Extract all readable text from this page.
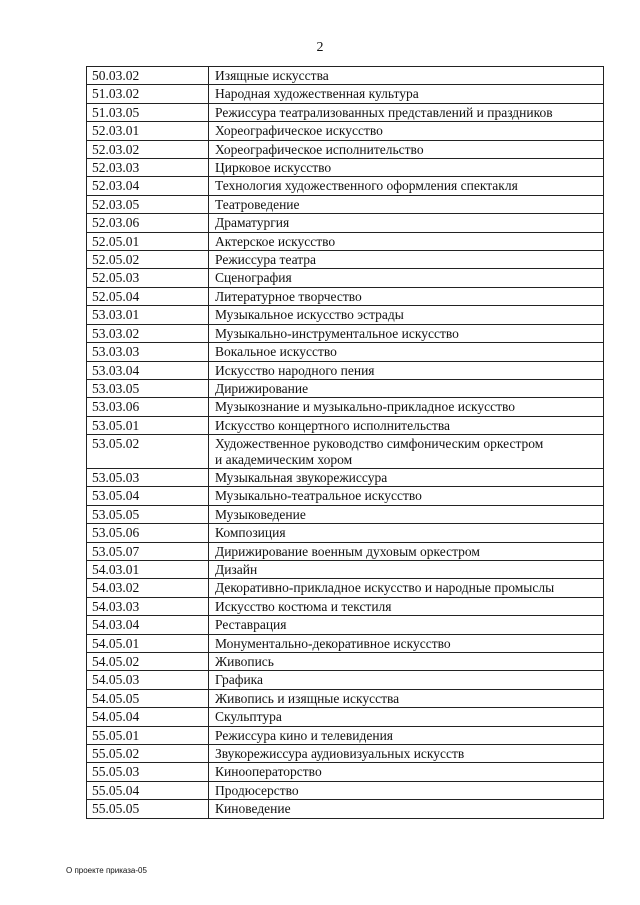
2
50.03.02	Изящные искусства
51.03.02	Народная художественная культура
51.03.05	Режиссура театрализованных представлений и праздников
52.03.01	Хореографическое искусство
52.03.02	Хореографическое исполнительство
52.03.03	Цирковое искусство
52.03.04	Технология художественного оформления спектакля
52.03.05	Театроведение
52.03.06	Драматургия
52.05.01	Актерское искусство
52.05.02	Режиссура театра
52.05.03	Сценография
52.05.04	Литературное творчество
53.03.01	Музыкальное искусство эстрады
53.03.02	Музыкально-инструментальное искусство
53.03.03	Вокальное искусство
53.03.04	Искусство народного пения
53.03.05	Дирижирование
53.03.06	Музыкознание и музыкально-прикладное искусство
53.05.01	Искусство концертного исполнительства
53.05.02	Художественное руководство симфоническим оркестром
и академическим хором
53.05.03	Музыкальная звукорежиссура
53.05.04	Музыкально-театральное искусство
53.05.05	Музыковедение
53.05.06	Композиция
53.05.07	Дирижирование военным духовым оркестром
54.03.01	Дизайн
54.03.02	Декоративно-прикладное искусство и народные промыслы
54.03.03	Искусство костюма и текстиля
54.03.04	Реставрация
54.05.01	Монументально-декоративное искусство
54.05.02	Живопись
54.05.03	Графика
54.05.05	Живопись и изящные искусства
54.05.04	Скульптура
55.05.01	Режиссура кино и телевидения
55.05.02	Звукорежиссура аудиовизуальных искусств
55.05.03	Кинооператорство
55.05.04	Продюсерство
55.05.05	Киноведение
О проекте приказа-05
